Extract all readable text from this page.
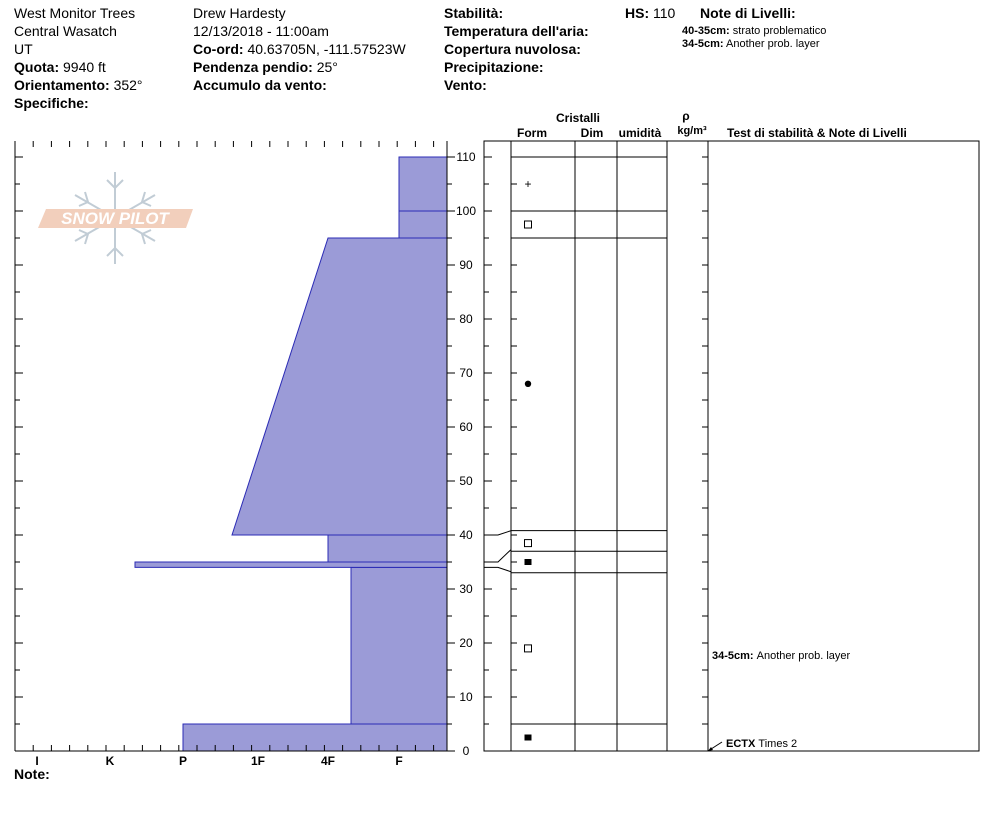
West Monitor Trees
Central Wasatch
UT
Quota: 9940 ft
Orientamento: 352°
Specifiche:
Drew Hardesty
12/13/2018 - 11:00am
Co-ord: 40.63705N, -111.57523W
Pendenza pendio: 25°
Accumulo da vento:
Stabilità:
Temperatura dell'aria:
Copertura nuvolosa:
Precipitazione:
Vento:
HS: 110 Note di Livelli:
40-35cm: strato problematico
34-5cm: Another prob. layer
SNOW PILOT
I	K	P	1F	4F	F
0
10
20
30
40
50
60
70
80
90
100
110
+
34-5cm: Another prob. layer
ECTX Times 2
Cristalli
Form	Dim umidità
ρ
kg/m³ Test di stabilità & Note di Livelli
Note:
